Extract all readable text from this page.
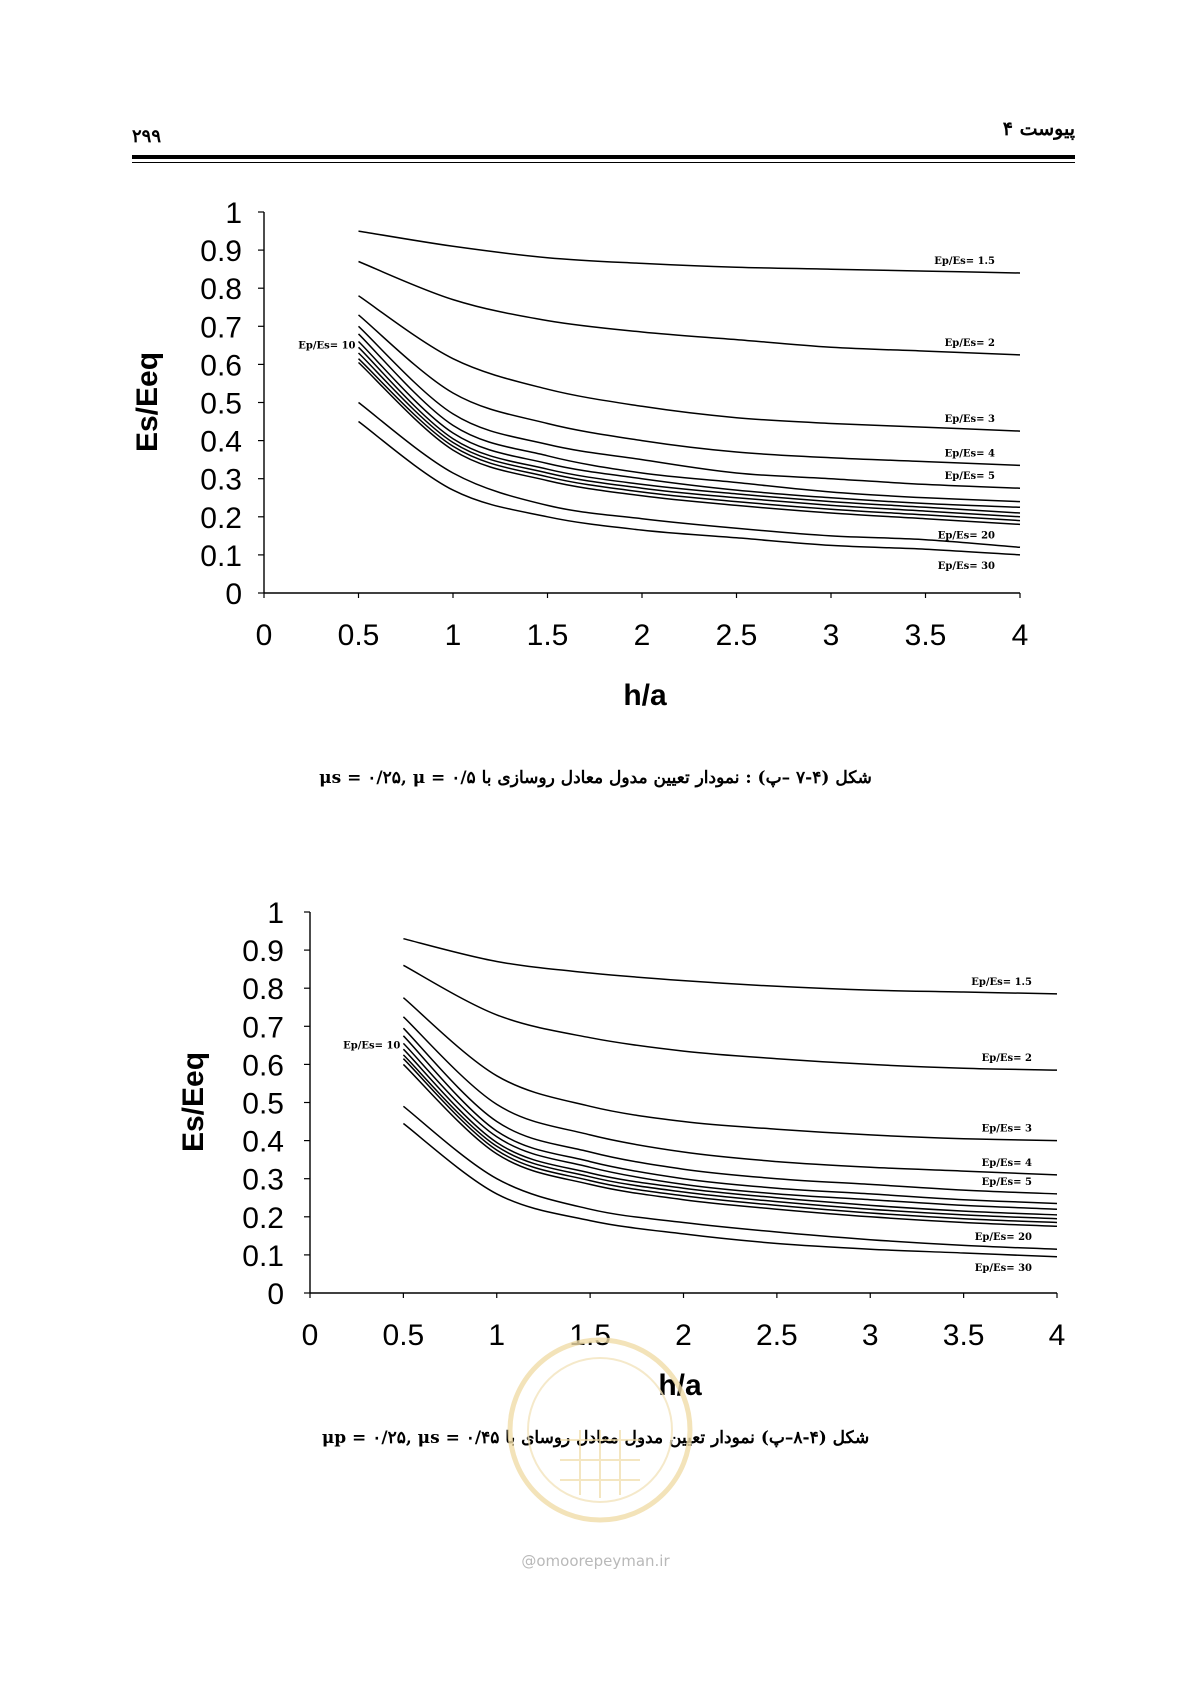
۲۹۹	پیوست ۴
0
0.1
0.2
0.3
0.4
0.5
0.6
0.7
0.8
0.9
1
0 0.5 1 1.5 2 2.5 3 3.5 4
h/a
Es/Eeq
Ep/Es= 1.5
Ep/Es= 2
Ep/Es= 3
Ep/Es= 4
Ep/Es= 5
Ep/Es= 10
Ep/Es= 20
Ep/Es= 30
شکل (۴-۷ –پ) : نمودار تعیین مدول معادل روسازی با μs = ۰/۲۵, μ = ۰/۵
0
0.1
0.2
0.3
0.4
0.5
0.6
0.7
0.8
0.9
1
0 0.5 1 1.5 2 2.5 3 3.5 4
h/a
Es/Eeq
Ep/Es= 1.5
Ep/Es= 2
Ep/Es= 3
Ep/Es= 4
Ep/Es= 5
Ep/Es= 10
Ep/Es= 20
Ep/Es= 30
شکل (۴-۸–پ) نمودار تعیین مدول معادل روسای با μp = ۰/۲۵, μs = ۰/۴۵
@omoorepeyman.ir
